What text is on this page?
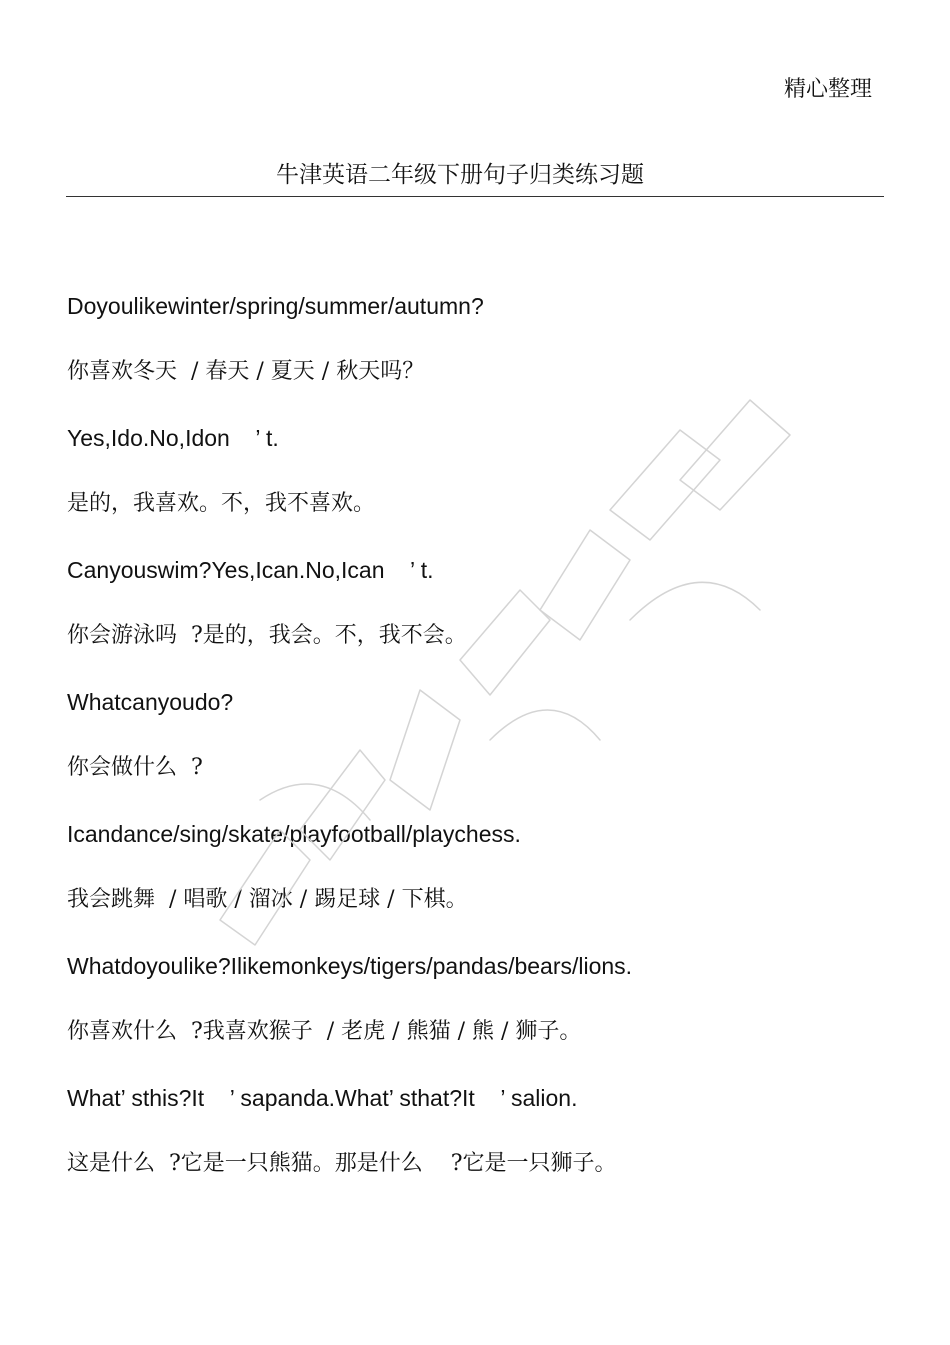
精心整理
牛津英语二年级下册句子归类练习题
Doyoulikewinter/spring/summer/autumn?
你喜欢冬天  / 春天 / 夏天 / 秋天吗？
Yes,Ido.No,Idon    ’ t.
是的，我喜欢。不，我不喜欢。
Canyouswim?Yes,Ican.No,Ican    ’ t.
你会游泳吗  ?是的，我会。不，我不会。
Whatcanyoudo?
你会做什么  ?
Icandance/sing/skate/playfootball/playchess.
我会跳舞  / 唱歌 / 溜冰 / 踢足球 / 下棋。
Whatdoyoulike?Ilikemonkeys/tigers/pandas/bears/lions.
你喜欢什么  ?我喜欢猴子  / 老虎 / 熊猫 / 熊 / 狮子。
What’ sthis?It    ’ sapanda.What’ sthat?It    ’ salion.
这是什么  ?它是一只熊猫。那是什么    ?它是一只狮子。
